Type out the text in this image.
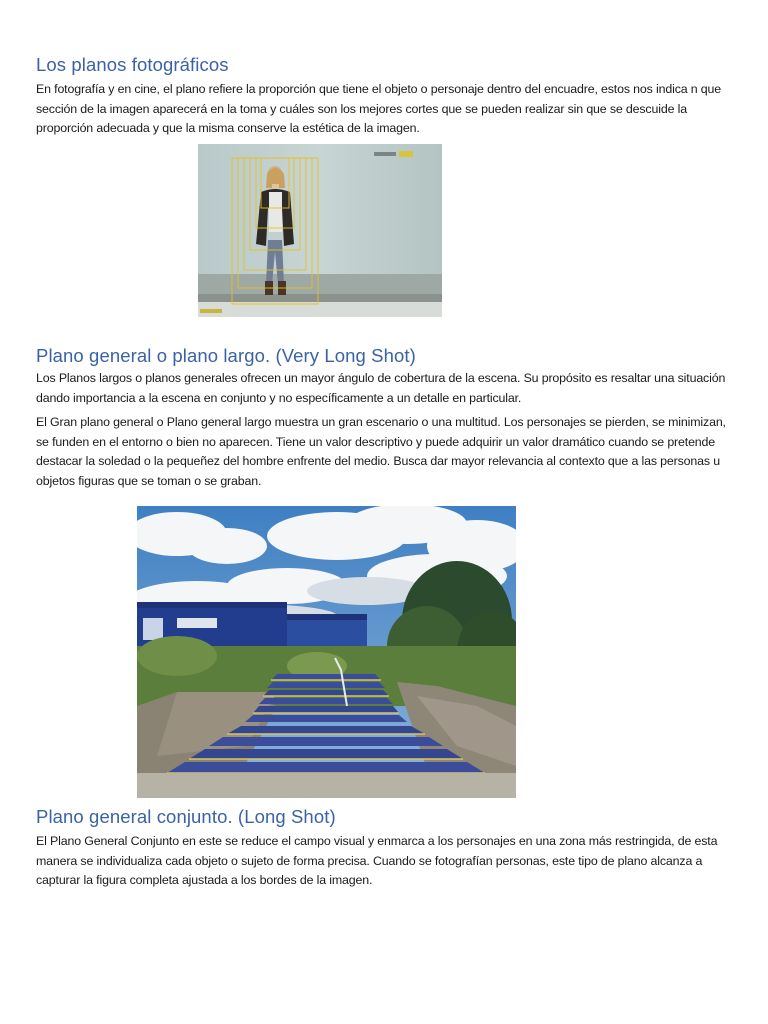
Los planos fotográficos

En fotografía y en cine, el plano refiere la proporción que tiene el objeto o personaje dentro del encuadre, estos nos indica n que sección de la imagen aparecerá en la toma y cuáles son los mejores cortes que se pueden realizar sin que se descuide la proporción adecuada y que la misma conserve la estética de la imagen.

Plano general o plano largo. (Very Long Shot)

Los Planos largos o planos generales ofrecen un mayor ángulo de cobertura de la escena. Su propósito es resaltar una situación dando importancia a la escena en conjunto y no específicamente a un detalle en particular.

El Gran plano general o Plano general largo muestra un gran escenario o una multitud. Los personajes se pierden, se minimizan, se funden en el entorno o bien no aparecen. Tiene un valor descriptivo y puede adquirir un valor dramático cuando se pretende destacar la soledad o la pequeñez del hombre enfrente del medio. Busca dar mayor relevancia al contexto que a las personas u objetos figuras que se toman o se graban.

Plano general conjunto. (Long Shot)

El Plano General Conjunto en este se reduce el campo visual y enmarca a los personajes en una zona más restringida, de esta manera se individualiza cada objeto o sujeto de forma precisa. Cuando se fotografían personas, este tipo de plano alcanza a capturar la figura completa ajustada a los bordes de la imagen.
